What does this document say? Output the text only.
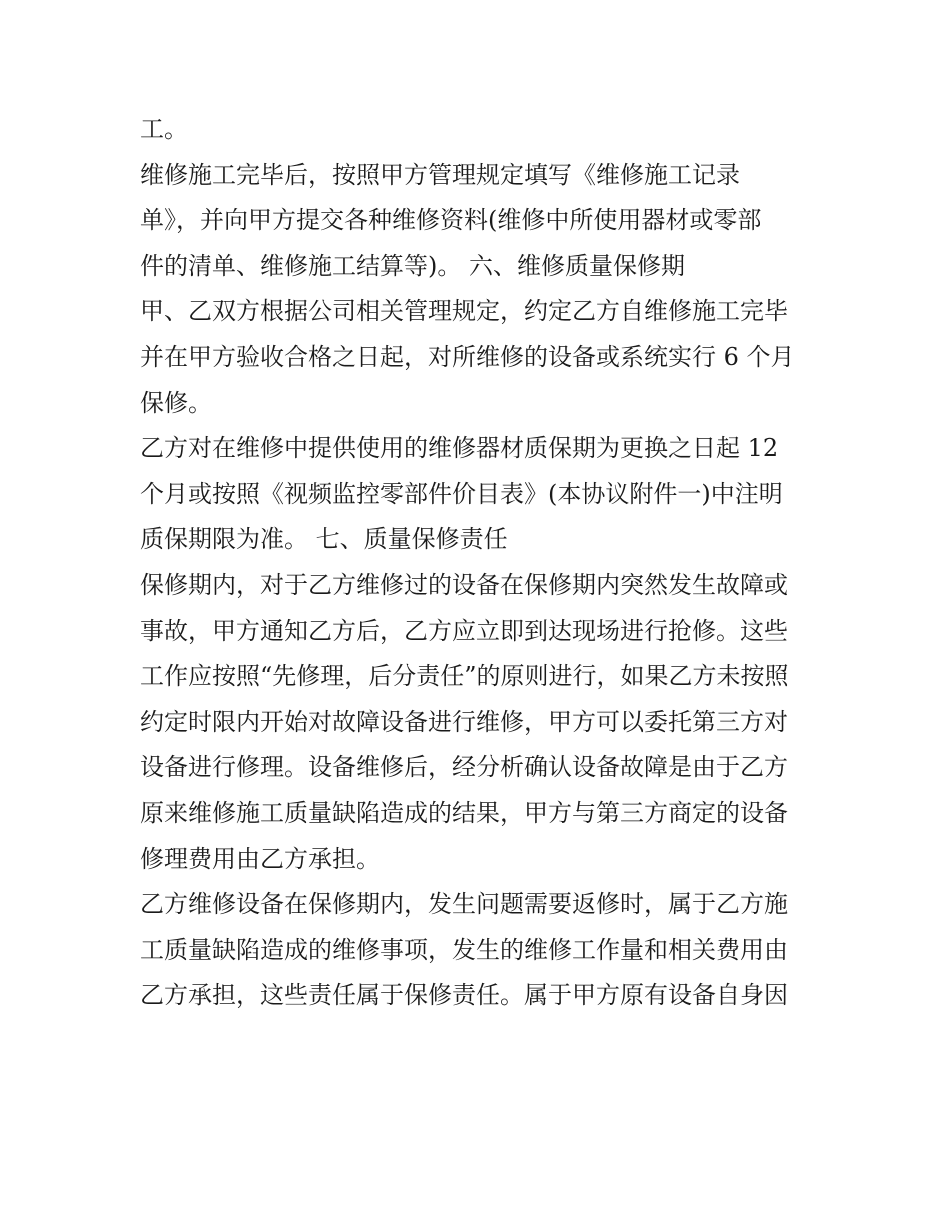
工。
维修施工完毕后，按照甲方管理规定填写《维修施工记录
单》，并向甲方提交各种维修资料(维修中所使用器材或零部
件的清单、维修施工结算等)。 六、维修质量保修期
甲、乙双方根据公司相关管理规定，约定乙方自维修施工完毕
并在甲方验收合格之日起，对所维修的设备或系统实行 6 个月
保修。
乙方对在维修中提供使用的维修器材质保期为更换之日起 12
个月或按照《视频监控零部件价目表》(本协议附件一)中注明
质保期限为准。 七、质量保修责任
保修期内，对于乙方维修过的设备在保修期内突然发生故障或
事故，甲方通知乙方后，乙方应立即到达现场进行抢修。这些
工作应按照“先修理，后分责任”的原则进行，如果乙方未按照
约定时限内开始对故障设备进行维修，甲方可以委托第三方对
设备进行修理。设备维修后，经分析确认设备故障是由于乙方
原来维修施工质量缺陷造成的结果，甲方与第三方商定的设备
修理费用由乙方承担。
乙方维修设备在保修期内，发生问题需要返修时，属于乙方施
工质量缺陷造成的维修事项，发生的维修工作量和相关费用由
乙方承担，这些责任属于保修责任。属于甲方原有设备自身因
